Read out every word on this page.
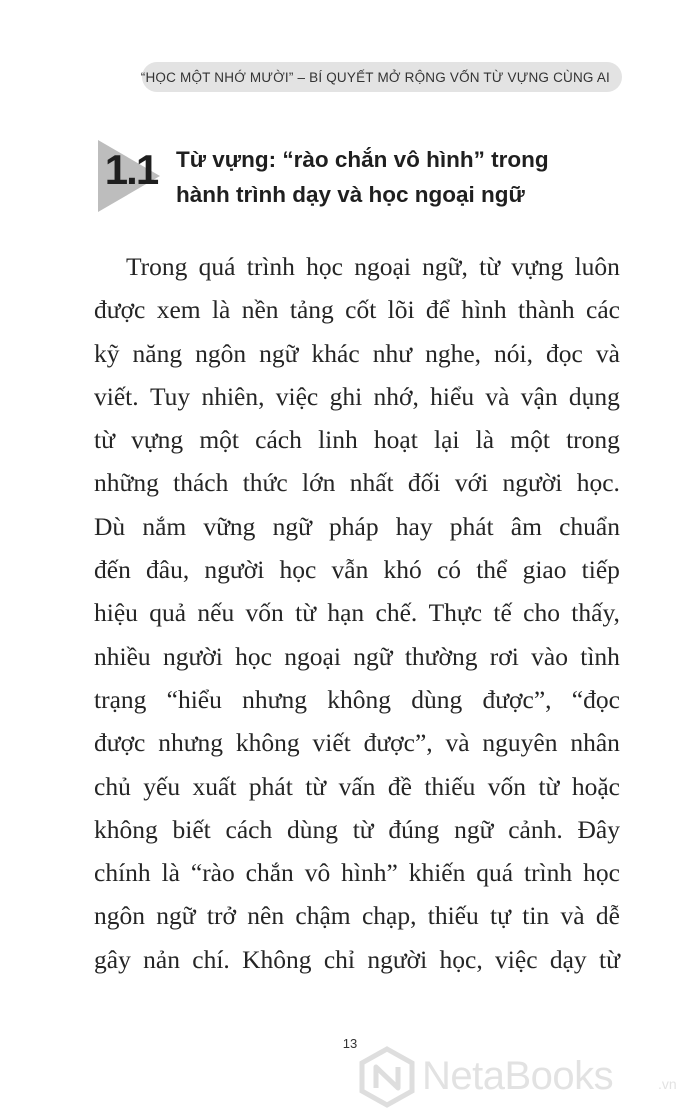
“HỌC MỘT NHỚ MƯỜI” – BÍ QUYẾT MỞ RỘNG VỐN TỪ VỰNG CÙNG AI
1.1 Từ vựng: “rào chắn vô hình” trong
hành trình dạy và học ngoại ngữ
Trong quá trình học ngoại ngữ, từ vựng luôn
được xem là nền tảng cốt lõi để hình thành các
kỹ năng ngôn ngữ khác như nghe, nói, đọc và
viết. Tuy nhiên, việc ghi nhớ, hiểu và vận dụng
từ vựng một cách linh hoạt lại là một trong
những thách thức lớn nhất đối với người học.
Dù nắm vững ngữ pháp hay phát âm chuẩn
đến đâu, người học vẫn khó có thể giao tiếp
hiệu quả nếu vốn từ hạn chế. Thực tế cho thấy,
nhiều người học ngoại ngữ thường rơi vào tình
trạng “hiểu nhưng không dùng được”, “đọc
được nhưng không viết được”, và nguyên nhân
chủ yếu xuất phát từ vấn đề thiếu vốn từ hoặc
không biết cách dùng từ đúng ngữ cảnh. Đây
chính là “rào chắn vô hình” khiến quá trình học
ngôn ngữ trở nên chậm chạp, thiếu tự tin và dễ
gây nản chí. Không chỉ người học, việc dạy từ
13
NetaBooks	.vn
